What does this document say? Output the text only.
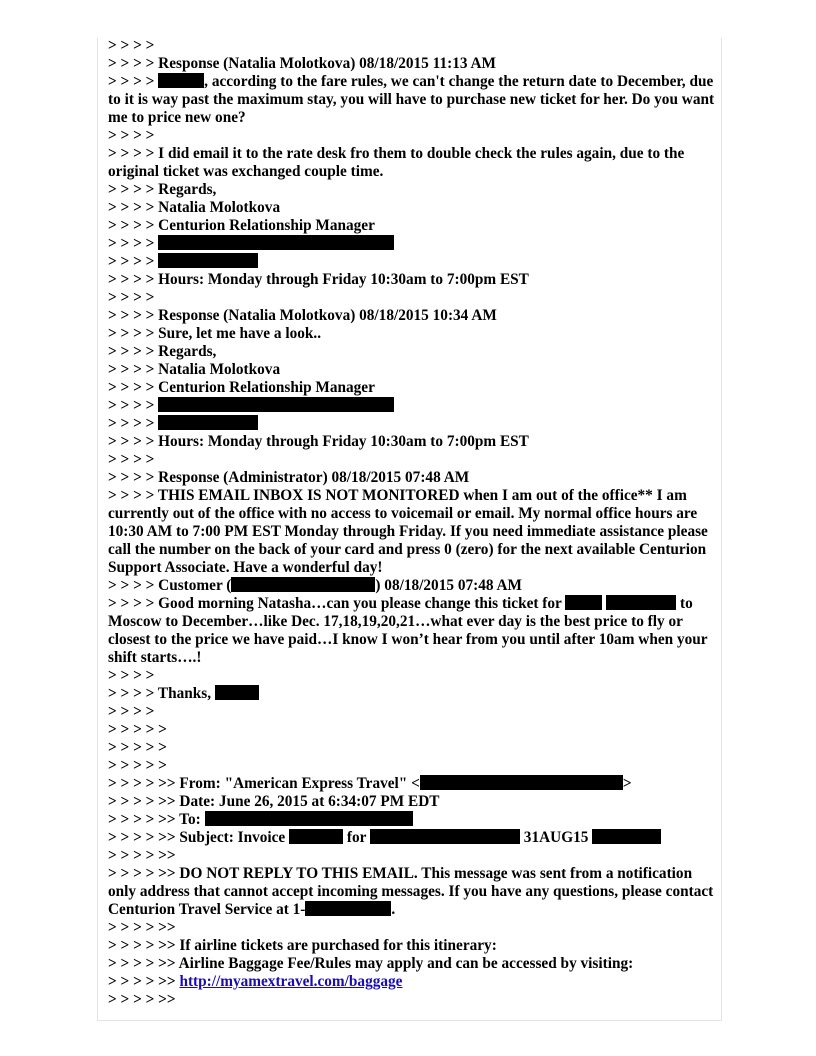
> > > >
> > > > Response (Natalia Molotkova) 08/18/2015 11:13 AM
> > > >	, according to the fare rules, we can't change the return date to December, due to it is way past the maximum stay, you will have to purchase new ticket for her. Do you want me to price new one?
> > > >
> > > > I did email it to the rate desk fro them to double check the rules again, due to the original ticket was exchanged couple time.
> > > > Regards,
> > > > Natalia Molotkova
> > > > Centurion Relationship Manager
> > > >
> > > >
> > > > Hours: Monday through Friday 10:30am to 7:00pm EST
> > > >
> > > > Response (Natalia Molotkova) 08/18/2015 10:34 AM
> > > > Sure, let me have a look..
> > > > Regards,
> > > > Natalia Molotkova
> > > > Centurion Relationship Manager
> > > >
> > > >
> > > > Hours: Monday through Friday 10:30am to 7:00pm EST
> > > >
> > > > Response (Administrator) 08/18/2015 07:48 AM
> > > > THIS EMAIL INBOX IS NOT MONITORED when I am out of the office** I am currently out of the office with no access to voicemail or email. My normal office hours are 10:30 AM to 7:00 PM EST Monday through Friday. If you need immediate assistance please call the number on the back of your card and press 0 (zero) for the next available Centurion Support Associate. Have a wonderful day!
> > > > Customer (	) 08/18/2015 07:48 AM
> > > > Good morning Natasha…can you please change this ticket for	to Moscow to December…like Dec. 17,18,19,20,21…what ever day is the best price to fly or closest to the price we have paid…I know I won’t hear from you until after 10am when your shift starts….!
> > > >
> > > > Thanks,
> > > >
> > > > >
> > > > >
> > > > >
> > > > >> From: "American Express Travel" <	>
> > > > >> Date: June 26, 2015 at 6:34:07 PM EDT
> > > > >> To:
> > > > >> Subject: Invoice	for	31AUG15
> > > > >>
> > > > >> DO NOT REPLY TO THIS EMAIL. This message was sent from a notification only address that cannot accept incoming messages. If you have any questions, please contact Centurion Travel Service at 1-	.
> > > > >>
> > > > >> If airline tickets are purchased for this itinerary:
> > > > >> Airline Baggage Fee/Rules may apply and can be accessed by visiting:
> > > > >> http://myamextravel.com/baggage
> > > > >>
